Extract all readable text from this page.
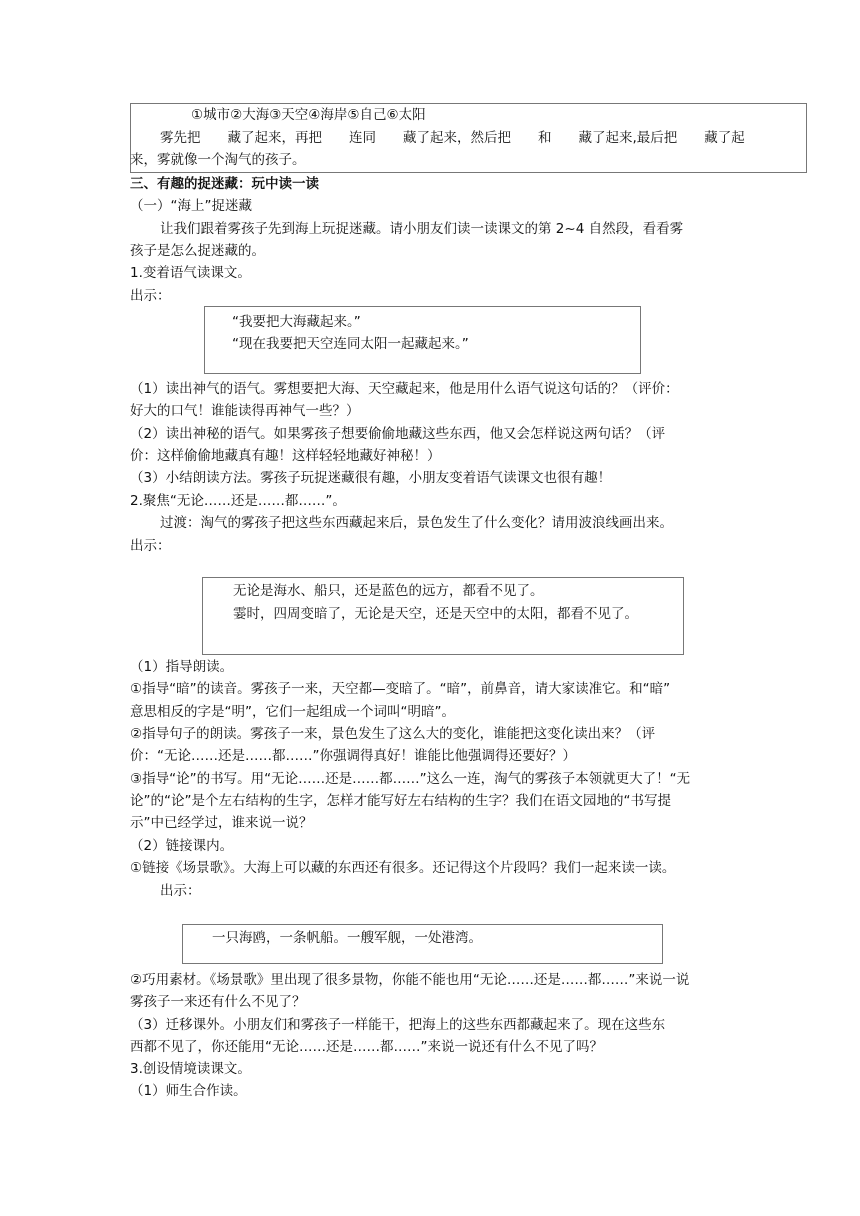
①城市②大海③天空④海岸⑤自己⑥太阳
雾先把　　藏了起来，再把　　连同　　藏了起来，然后把　　和　　藏了起来,最后把　　藏了起
来，雾就像一个淘气的孩子。
三、有趣的捉迷藏：玩中读一读
（一）“海上”捉迷藏
让我们跟着雾孩子先到海上玩捉迷藏。请小朋友们读一读课文的第 2~4 自然段，看看雾
孩子是怎么捉迷藏的。
1.变着语气读课文。
出示：
“我要把大海藏起来。”
“现在我要把天空连同太阳一起藏起来。”
（1）读出神气的语气。雾想要把大海、天空藏起来，他是用什么语气说这句话的？（评价：
好大的口气！谁能读得再神气一些？）
（2）读出神秘的语气。如果雾孩子想要偷偷地藏这些东西，他又会怎样说这两句话？（评
价：这样偷偷地藏真有趣！这样轻轻地藏好神秘！）
（3）小结朗读方法。雾孩子玩捉迷藏很有趣，小朋友变着语气读课文也很有趣！
2.聚焦“无论……还是……都……”。
过渡：淘气的雾孩子把这些东西藏起来后，景色发生了什么变化？请用波浪线画出来。
出示：
无论是海水、船只，还是蓝色的远方，都看不见了。
霎时，四周变暗了，无论是天空，还是天空中的太阳，都看不见了。
（1）指导朗读。
①指导“暗”的读音。雾孩子一来，天空都—变暗了。“暗”，前鼻音，请大家读准它。和“暗”
意思相反的字是“明”，它们一起组成一个词叫“明暗”。
②指导句子的朗读。雾孩子一来，景色发生了这么大的变化，谁能把这变化读出来？（评
价：“无论……还是……都……”你强调得真好！谁能比他强调得还要好？）
③指导“论”的书写。用“无论……还是……都……”这么一连，淘气的雾孩子本领就更大了！“无
论”的“论”是个左右结构的生字，怎样才能写好左右结构的生字？我们在语文园地的“书写提
示”中已经学过，谁来说一说？
（2）链接课内。
①链接《场景歌》。大海上可以藏的东西还有很多。还记得这个片段吗？我们一起来读一读。
出示：
一只海鸥，一条帆船。一艘军舰，一处港湾。
②巧用素材。《场景歌》里出现了很多景物，你能不能也用“无论……还是……都……”来说一说
雾孩子一来还有什么不见了？
（3）迁移课外。小朋友们和雾孩子一样能干，把海上的这些东西都藏起来了。现在这些东
西都不见了，你还能用“无论……还是……都……”来说一说还有什么不见了吗？
3.创设情境读课文。
（1）师生合作读。
